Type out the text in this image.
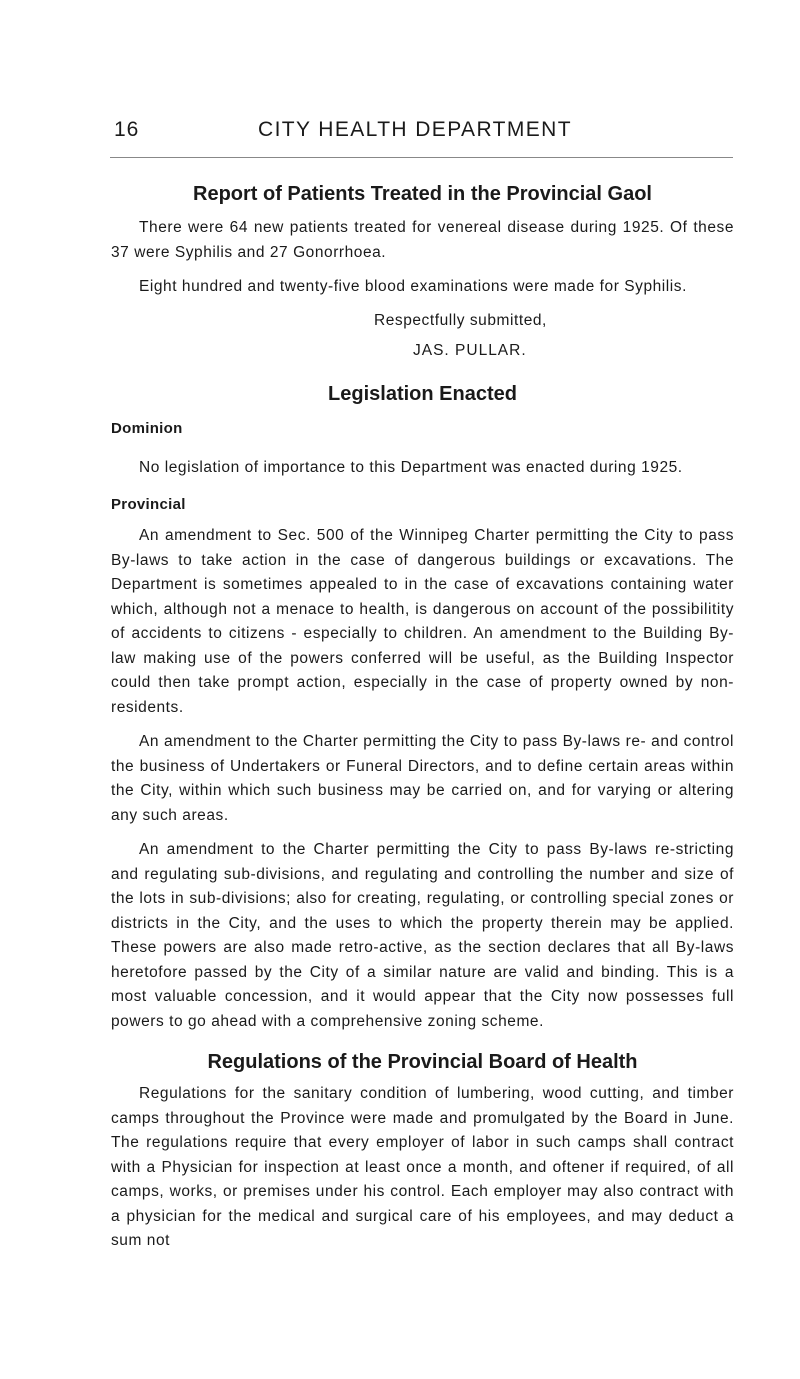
16	CITY HEALTH DEPARTMENT
Report of Patients Treated in the Provincial Gaol

There were 64 new patients treated for venereal disease during 1925. Of these 37 were Syphilis and 27 Gonorrhoea.

Eight hundred and twenty-five blood examinations were made for Syphilis.

Respectfully submitted,
JAS. PULLAR.
Legislation Enacted
Dominion

No legislation of importance to this Department was enacted during 1925.

Provincial

An amendment to Sec. 500 of the Winnipeg Charter permitting the City to pass By-laws to take action in the case of dangerous buildings or excavations. The Department is sometimes appealed to in the case of excavations containing water which, although not a menace to health, is dangerous on account of the possibilitity of accidents to citizens - especially to children. An amendment to the Building By-law making use of the powers conferred will be useful, as the Building Inspector could then take prompt action, especially in the case of property owned by non-residents.

An amendment to the Charter permitting the City to pass By-laws re- and control the business of Undertakers or Funeral Directors, and to define certain areas within the City, within which such business may be carried on, and for varying or altering any such areas.

An amendment to the Charter permitting the City to pass By-laws re-stricting and regulating sub-divisions, and regulating and controlling the number and size of the lots in sub-divisions; also for creating, regulating, or controlling special zones or districts in the City, and the uses to which the property therein may be applied. These powers are also made retro-active, as the section declares that all By-laws heretofore passed by the City of a similar nature are valid and binding. This is a most valuable concession, and it would appear that the City now possesses full powers to go ahead with a comprehensive zoning scheme.

Regulations of the Provincial Board of Health

Regulations for the sanitary condition of lumbering, wood cutting, and timber camps throughout the Province were made and promulgated by the Board in June. The regulations require that every employer of labor in such camps shall contract with a Physician for inspection at least once a month, and oftener if required, of all camps, works, or premises under his control. Each employer may also contract with a physician for the medical and surgical care of his employees, and may deduct a sum not
